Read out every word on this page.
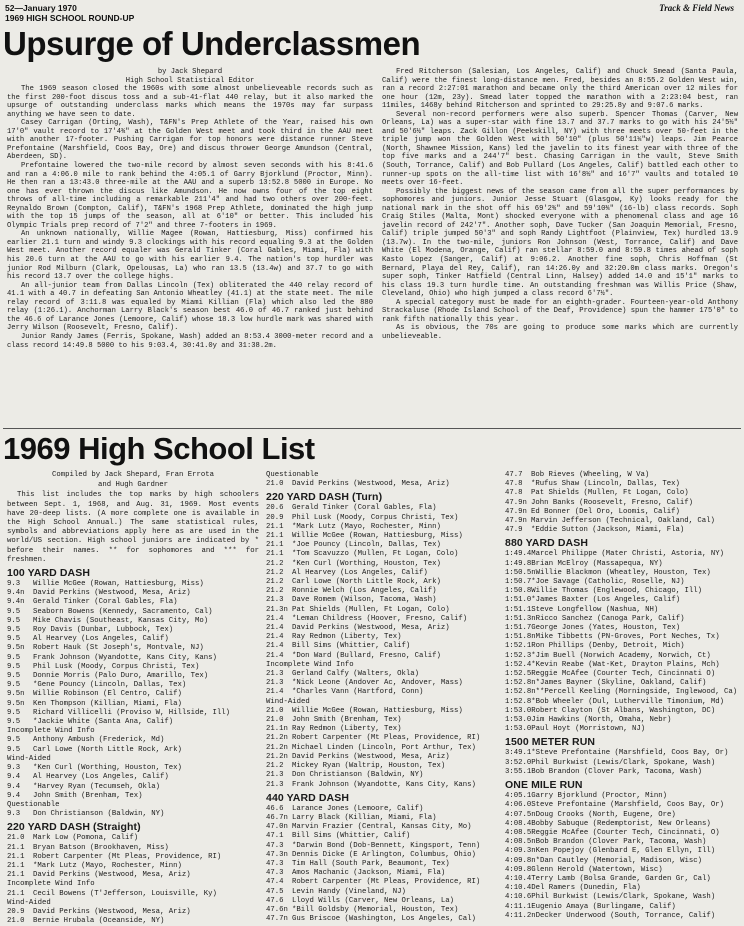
52—January 1970
1969 HIGH SCHOOL ROUND-UP
Track & Field News
Upsurge of Underclassmen

by Jack Shepard

High School Statistical Editor

The 1969 season closed the 1960s with some almost unbelieveable records such as the first 200-foot discus toss and a sub-41-flat 440 relay, but it also marked the upsurge of outstanding underclass marks which means the 1970s may far surpass anything we have seen to date.

Casey Carrigan (Orting, Wash), T&FN's Prep Athlete of the Year, raised his own 17'0" vault record to 17'4¾" at the Golden West meet and took third in the AAU meet with another 17-footer. Pushing Carrigan for top honors were distance runner Steve Prefontaine (Marshfield, Coos Bay, Ore) and discus thrower George Amundson (Central, Aberdeen, SD).

Prefontaine lowered the two-mile record by almost seven seconds with his 8:41.6 and ran a 4:06.0 mile to rank behind the 4:05.1 of Garry Bjorklund (Proctor, Minn). He then ran a 13:43.0 three-mile at the AAU and a superb 13:52.8 5000 in Europe. No one has ever thrown the discus like Amundson. He now owns four of the top eight throws of all-time including a remarkable 211'4" and had two others over 200-feet. Reynaldo Brown (Compton, Calif), T&FN's 1968 Prep Athlete, dominated the high jump with the top 15 jumps of the season, all at 6'10" or better. This included his Olympic Trials prep record of 7'2" and three 7-footers in 1969.

An unknown nationally, Willie Magee (Rowan, Hattiesburg, Miss) confirmed his earlier 21.1 turn and windy 9.3 clockings with his record equaling 9.3 at the Golden West meet. Another record equaler was Gerald Tinker (Coral Gables, Miami, Fla) with his 20.6 turn at the AAU to go with his earlier 9.4. The nation's top hurdler was junior Rod Milburn (Clark, Opelousas, La) who ran 13.5 (13.4w) and 37.7 to go with his record 13.7 over the college highs.

An all-junior team from Dallas Lincoln (Tex) obliterated the 440 relay record of 41.1 with a 40.7 in defeating San Antonio Wheatley (41.1) at the state meet. The mile relay record of 3:11.8 was equaled by Miami Killian (Fla) which also led the 880 relay (1:26.1). Anchorman Larry Black's season best 46.0 of 46.7 ranked just behind the 46.6 of Larance Jones (Lemoore, Calif) whose 18.3 low hurdle mark was shared with Jerry Wilson (Roosevelt, Fresno, Calif).

Junior Randy James (Ferris, Spokane, Wash) added an 8:53.4 3000-meter record and a class record 14:49.8 5000 to his 9:03.4, 30:41.0y and 31:38.2m.

Fred Ritcherson (Salesian, Los Angeles, Calif) and Chuck Smead (Santa Paula, Calif) were the finest long-distance men. Fred, besides an 8:55.2 Golden West win, ran a record 2:27:01 marathon and became only the third American over 12 miles for one hour (12m, 23y). Smead later topped the marathon with a 2:23:04 best, ran 11miles, 1468y behind Ritcherson and sprinted to 29:25.8y and 9:07.6 marks.

Several non-record performers were also superb. Spencer Thomas (Carver, New Orleans, La) was a super-star with fine 13.7 and 37.7 marks to go with his 24'5½" and 50'6½" leaps. Zack Gillon (Peekskill, NY) with three meets over 50-feet in the triple jump won the Golden West with 50'10" (plus 50'11¼"w) leaps. Jim Pearce (North, Shawnee Mission, Kans) led the javelin to its finest year with three of the top five marks and a 244'7" best. Chasing Carrigan in the vault, Steve Smith (South, Torrance, Calif) and Bob Pullard (Los Angeles, Calif) battled each other to runner-up spots on the all-time list with 16'8½" and 16'7" vaults and totaled 10 meets over 16-feet.

Possibly the biggest news of the season came from all the super performances by sophomores and juniors. Junior Jesse Stuart (Glasgow, Ky) looks ready for the national mark in the shot off his 69'2¾" and 59'10¾" (16-lb) class records. Soph Craig Stiles (Malta, Mont) shocked everyone with a phenomenal class and age 16 javelin record of 242'7". Another soph, Dave Tucker (San Joaquin Memorial, Fresno, Calif) triple jumped 50'3" and soph Randy Lightfoot (Plainview, Tex) hurdled 13.9 (13.7w). In the two-mile, juniors Ron Johnson (West, Torrance, Calif) and Dave White (El Modena, Orange, Calif) ran stellar 8:59.0 and 8:59.8 times ahead of soph Kasto Lopez (Sanger, Calif) at 9:06.2. Another fine soph, Chris Hoffman (St Bernard, Playa del Rey, Calif), ran 14:26.0y and 32:20.0m class marks. Oregon's super soph, Tinker Hatfield (Central Linn, Halsey) added 14.0 and 15'1" marks to his class 19.3 turn hurdle time. An outstanding freshman was Willis Price (Shaw, Cleveland, Ohio) who high jumped a class record 6'7½".

A special category must be made for an eighth-grader. Fourteen-year-old Anthony Strackaluse (Rhode Island School of the Deaf, Providence) spun the hammer 175'0" to rank fifth nationally this year.

As is obvious, the 70s are going to produce some marks which are currently unbelieveable.

1969 High School List
Compiled by Jack Shepard, Fran Errota
and Hugh Gardner
This list includes the top marks by high schoolers between Sept. 1, 1968, and Aug. 31, 1969. Most events have 20-deep lists. (A more complete one is available in the High School Annual.) The same statistical rules, symbols and abbreviations apply here as are used in the world/US section. High school juniors are indicated by * before their names. ** for sophomores and *** for freshmen.
100 YARD DASH
9.3	Willie McGee (Rowan, Hattiesburg, Miss)
9.4n	David Perkins (Westwood, Mesa, Ariz)
9.4n	Gerald Tinker (Coral Gables, Fla)
9.5	Seaborn Bowens (Kennedy, Sacramento, Cal)
9.5	Mike Chavis (Southeast, Kansas City, Mo)
9.5	Roy Davis (Dunbar, Lubbock, Tex)
9.5	Al Hearvey (Los Angeles, Calif)
9.5n	Robert Hauk (St Joseph's, Montvale, NJ)
9.5	Frank Johnson (Wyandotte, Kans City, Kans)
9.5	Phil Lusk (Moody, Corpus Christi, Tex)
9.5	Donnie Morris (Palo Duro, Amarillo, Tex)
9.5	*Gene Pouncy (Lincoln, Dallas, Tex)
9.5n	Willie Robinson (El Centro, Calif)
9.5n	Ken Thompson (Killian, Miami, Fla)
9.5	Richard Villicelli (Proviso W, Hillside, Ill)
9.5	*Jackie White (Santa Ana, Calif)
Incomplete Wind Info
9.5	Anthony Ambush (Frederick, Md)
9.5	Carl Lowe (North Little Rock, Ark)
Wind-Aided
9.3	*Ken Curl (Worthing, Houston, Tex)
9.4	Al Hearvey (Los Angeles, Calif)
9.4	*Harvey Ryan (Tecumseh, Okla)
9.4	John Smith (Brenham, Tex)
Questionable
9.3	Don Christianson (Baldwin, NY)
220 YARD DASH (Straight)
21.0	Mark Low (Pomona, Calif)
21.1	Bryan Batson (Brookhaven, Miss)
21.1	Robert Carpenter (Mt Pleas, Providence, RI)
21.1	*Mark Lutz (Mayo, Rochester, Minn)
21.1	David Perkins (Westwood, Mesa, Ariz)
Incomplete Wind Info
21.1	Cecil Bowens (T'Jefferson, Louisville, Ky)
Wind-Aided
20.9	David Perkins (Westwood, Mesa, Ariz)
21.0	Bernie Hrubala (Oceanside, NY)
Questionable
21.0	David Perkins (Westwood, Mesa, Ariz)
220 YARD DASH (Turn)
20.6	Gerald Tinker (Coral Gables, Fla)
20.9	Phil Lusk (Moody, Corpus Christi, Tex)
21.1	*Mark Lutz (Mayo, Rochester, Minn)
21.1	Willie McGee (Rowan, Hattiesburg, Miss)
21.1	*Joe Pouncy (Lincoln, Dallas, Tex)
21.1	*Tom Scavuzzo (Mullen, Ft Logan, Colo)
21.2	*Ken Curl (Worthing, Houston, Tex)
21.2	Al Hearvey (Los Angeles, Calif)
21.2	Carl Lowe (North Little Rock, Ark)
21.2	Ronnie Welch (Los Angeles, Calif)
21.3	Dave Romem (Wilson, Tacoma, Wash)
21.3n Pat Shields (Mullen, Ft Logan, Colo)
21.4	*Leman Childress (Hoover, Fresno, Calif)
21.4	David Perkins (Westwood, Mesa, Ariz)
21.4	Ray Redmon (Liberty, Tex)
21.4	Bill Sims (Whittier, Calif)
21.4	*Don Ward (Bullard, Fresno, Calif)
Incomplete Wind Info
21.3	Gerland Calfy (Walters, Okla)
21.3	*Nick Leone (Andover Ac, Andover, Mass)
21.4	*Charles Vann (Hartford, Conn)
Wind-Aided
21.0	Willie McGee (Rowan, Hattiesburg, Miss)
21.0	John Smith (Brenham, Tex)
21.1n Ray Redmon (Liberty, Tex)
21.2n Robert Carpenter (Mt Pleas, Providence, RI)
21.2n Michael Linden (Lincoln, Port Arthur, Tex)
21.2n David Perkins (Westwood, Mesa, Ariz)
21.2	Mickey Ryan (Waltrip, Houston, Tex)
21.3	Don Christianson (Baldwin, NY)
21.3	Frank Johnson (Wyandotte, Kans City, Kans)
440 YARD DASH
46.6	Larance Jones (Lemoore, Calif)
46.7n Larry Black (Killian, Miami, Fla)
47.0n Marvin Frazier (Central, Kansas City, Mo)
47.1	Bill Sims (Whittier, Calif)
47.3	*Darwin Bond (Dob-Bennett, Kingsport, Tenn)
47.3n Dennis Dicke (E Arlington, Columbus, Ohio)
47.3	Tim Hall (South Park, Beaumont, Tex)
47.3	Amos Machanic (Jackson, Miami, Fla)
47.4	Robert Carpenter (Mt Pleas, Providence, RI)
47.5	Levin Handy (Vineland, NJ)
47.6	Lloyd Wills (Carver, New Orleans, La)
47.6n *Bill Goldsby (Memorial, Houston, Tex)
47.7n Gus Briscoe (Washington, Los Angeles, Cal)
47.7	Bob Rieves (Wheeling, W Va)
47.8	*Rufus Shaw (Lincoln, Dallas, Tex)
47.8	Pat Shields (Mullen, Ft Logan, Colo)
47.9n John Banks (Roosevelt, Fresno, Calif)
47.9n Ed Bonner (Del Oro, Loomis, Calif)
47.9n Marvin Jefferson (Technical, Oakland, Cal)
47.9	*Eddie Sutton (Jackson, Miami, Fla)
880 YARD DASH
1:49.4 Marcel Philippe (Mater Christi, Astoria, NY)
1:49.8 Brian McElroy (Massapequa, NY)
1:50.5n Willie Blackmon (Wheatley, Houston, Tex)
1:50.7 *Joe Savage (Catholic, Roselle, NJ)
1:50.8 Willie Thomas (Englewood, Chicago, Ill)
1:51.0 *James Baxter (Los Angeles, Calif)
1:51.1 Steve Longfellow (Nashua, NH)
1:51.3n Ricco Sanchez (Canoga Park, Calif)
1:51.7 George Jones (Yates, Houston, Tex)
1:51.8n Mike Tibbetts (PN-Groves, Port Neches, Tx)
1:52.1 Ron Phillips (Denby, Detroit, Mich)
1:52.3 *Jim Buell (Norwich Academy, Norwich, Ct)
1:52.4 *Kevin Reabe (Wat-Ket, Drayton Plains, Mch)
1:52.5 Reggie McAfee (Courter Tech, Cincinnati O)
1:52.8n *James Bayner (Skyline, Oakland, Calif)
1:52.8n **Percell Keeling (Morningside, Inglewood, Ca)
1:52.8 *Bob Wheeler (Dul, Lutherville Timonium, Md)
1:53.0 Robert Clayton (St Albans, Washington, DC)
1:53.0 Jim Hawkins (North, Omaha, Nebr)
1:53.0 Paul Hoyt (Morristown, NJ)
1500 METER RUN
3:49.1* Steve Prefontaine (Marshfield, Coos Bay, Or)
3:52.0 Phil Burkwist (Lewis/Clark, Spokane, Wash)
3:55.1 Bob Brandon (Clover Park, Tacoma, Wash)
ONE MILE RUN
4:05.1 Garry Bjorklund (Proctor, Minn)
4:06.0 Steve Prefontaine (Marshfield, Coos Bay, Or)
4:07.5n Doug Crooks (North, Eugene, Ore)
4:08.4 Bobby Sabuque (Redemptorist, New Orleans)
4:08.5 Reggie McAfee (Courter Tech, Cincinnati, O)
4:08.5n Bob Brandon (Clover Park, Tacoma, Wash)
4:09.3n Ken Popejoy (Glenbard E, Glen Ellyn, Ill)
4:09.8n *Dan Cautley (Memorial, Madison, Wisc)
4:09.8 Glenn Herold (Watertown, Wisc)
4:10.4 Terry Lamb (Bolsa Grande, Garden Gr, Cal)
4:10.4 Del Ramers (Dunedin, Fla)
4:10.6 Phil Burkwist (Lewis/Clark, Spokane, Wash)
4:11.1 Eugenio Amaya (Burlingame, Calif)
4:11.2n Decker Underwood (South, Torrance, Calif)
